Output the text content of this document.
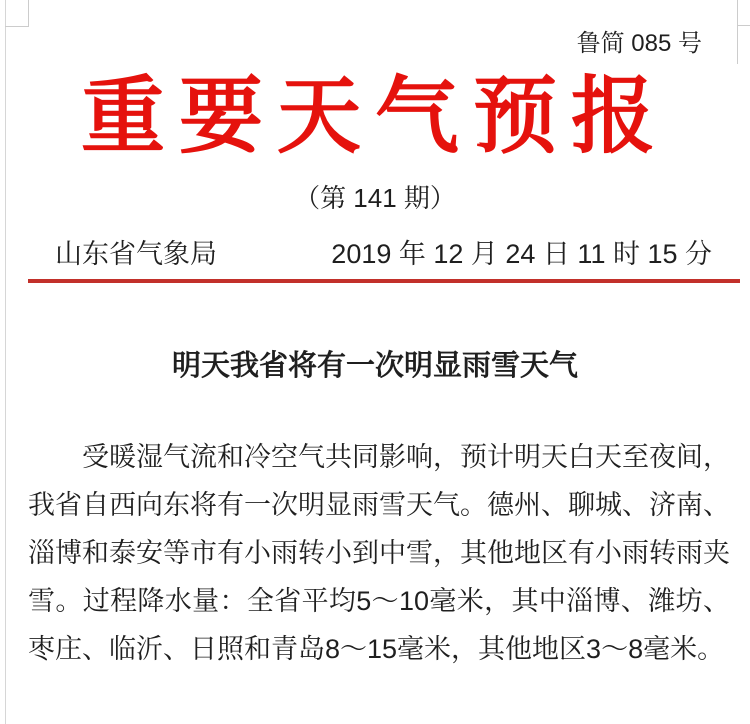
鲁简 085 号
重要天气预报
（第 141 期）
山东省气象局	2019 年 12 月 24 日 11 时 15 分
明天我省将有一次明显雨雪天气
受暖湿气流和冷空气共同影响，预计明天白天至夜间，我省自西向东将有一次明显雨雪天气。德州、聊城、济南、淄博和泰安等市有小雨转小到中雪，其他地区有小雨转雨夹雪。过程降水量：全省平均5～10毫米，其中淄博、潍坊、枣庄、临沂、日照和青岛8～15毫米，其他地区3～8毫米。
